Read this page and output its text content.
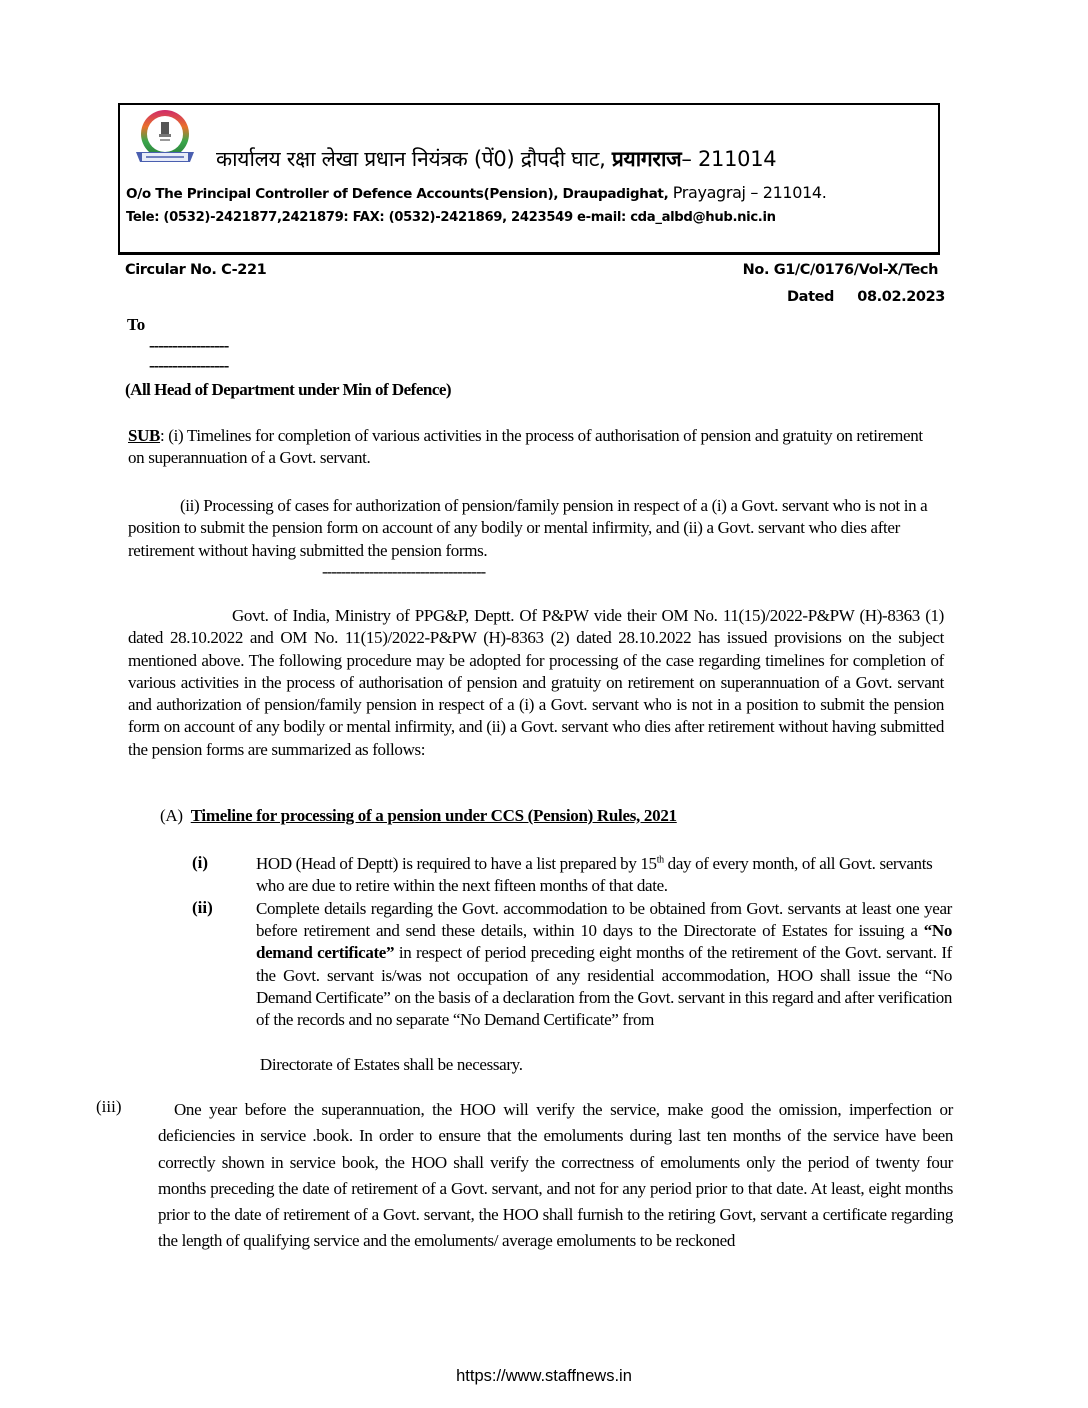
कार्यालय रक्षा लेखा प्रधान नियंत्रक (पें0) द्रौपदी घाट, प्रयागराज– 211014
O/o The Principal Controller of Defence Accounts(Pension), Draupadighat, Prayagraj – 211014.
Tele: (0532)-2421877,2421879: FAX: (0532)-2421869, 2423549 e-mail: cda_albd@hub.nic.in
Circular No. C-221	No. G1/C/0176/Vol-X/Tech
Dated 08.02.2023
To
-----------------
-----------------
(All Head of Department under Min of Defence)
SUB: (i) Timelines for completion of various activities in the process of authorisation of pension and gratuity on retirement on superannuation of a Govt. servant.
(ii) Processing of cases for authorization of pension/family pension in respect of a (i) a Govt. servant who is not in a position to submit the pension form on account of any bodily or mental infirmity, and (ii) a Govt. servant who dies after retirement without having submitted the pension forms.
-----------------------------------
Govt. of India, Ministry of PPG&P, Deptt. Of P&PW vide their OM No. 11(15)/2022-P&PW (H)-8363 (1) dated 28.10.2022 and OM No. 11(15)/2022-P&PW (H)-8363 (2) dated 28.10.2022 has issued provisions on the subject mentioned above. The following procedure may be adopted for processing of the case regarding timelines for completion of various activities in the process of authorisation of pension and gratuity on retirement on superannuation of a Govt. servant and authorization of pension/family pension in respect of a (i) a Govt. servant who is not in a position to submit the pension form on account of any bodily or mental infirmity, and (ii) a Govt. servant who dies after retirement without having submitted the pension forms are summarized as follows:
(A) Timeline for processing of a pension under CCS (Pension) Rules, 2021
(i)	HOD (Head of Deptt) is required to have a list prepared by 15th day of every month, of all Govt. servants who are due to retire within the next fifteen months of that date.
(ii)	Complete details regarding the Govt. accommodation to be obtained from Govt. servants at least one year before retirement and send these details, within 10 days to the Directorate of Estates for issuing a “No demand certificate” in respect of period preceding eight months of the retirement of the Govt. servant. If the Govt. servant is/was not occupation of any residential accommodation, HOO shall issue the “No Demand Certificate” on the basis of a declaration from the Govt. servant in this regard and after verification of the records and no separate “No Demand Certificate” from
Directorate of Estates shall be necessary.
(iii)	One year before the superannuation, the HOO will verify the service, make good the omission, imperfection or deficiencies in service .book. In order to ensure that the emoluments during last ten months of the service have been correctly shown in service book, the HOO shall verify the correctness of emoluments only the period of twenty four months preceding the date of retirement of a Govt. servant, and not for any period prior to that date. At least, eight months prior to the date of retirement of a Govt. servant, the HOO shall furnish to the retiring Govt, servant a certificate regarding the length of qualifying service and the emoluments/ average emoluments to be reckoned
https://www.staffnews.in
